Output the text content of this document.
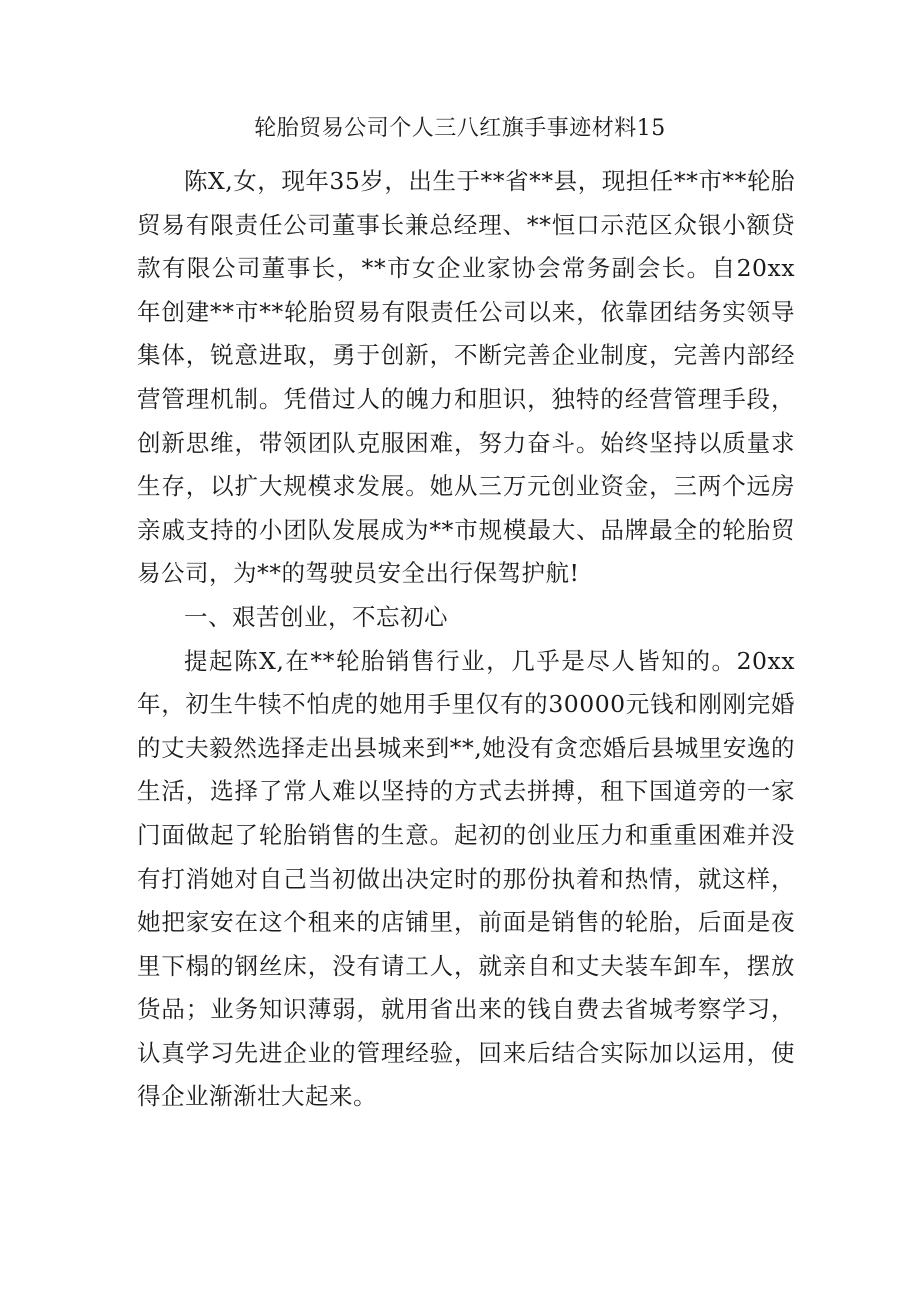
轮胎贸易公司个人三八红旗手事迹材料15

陈X,女，现年35岁，出生于**省**县，现担任**市**轮胎贸易有限责任公司董事长兼总经理、**恒口示范区众银小额贷款有限公司董事长，**市女企业家协会常务副会长。自20xx年创建**市**轮胎贸易有限责任公司以来，依靠团结务实领导集体，锐意进取，勇于创新，不断完善企业制度，完善内部经营管理机制。凭借过人的魄力和胆识，独特的经营管理手段，创新思维，带领团队克服困难，努力奋斗。始终坚持以质量求生存，以扩大规模求发展。她从三万元创业资金，三两个远房亲戚支持的小团队发展成为**市规模最大、品牌最全的轮胎贸易公司，为**的驾驶员安全出行保驾护航!

一、艰苦创业，不忘初心

提起陈X,在**轮胎销售行业，几乎是尽人皆知的。20xx年，初生牛犊不怕虎的她用手里仅有的30000元钱和刚刚完婚的丈夫毅然选择走出县城来到**,她没有贪恋婚后县城里安逸的生活，选择了常人难以坚持的方式去拼搏，租下国道旁的一家门面做起了轮胎销售的生意。起初的创业压力和重重困难并没有打消她对自己当初做出决定时的那份执着和热情，就这样，她把家安在这个租来的店铺里，前面是销售的轮胎，后面是夜里下榻的钢丝床，没有请工人，就亲自和丈夫装车卸车，摆放货品；业务知识薄弱，就用省出来的钱自费去省城考察学习，认真学习先进企业的管理经验，回来后结合实际加以运用，使得企业渐渐壮大起来。
